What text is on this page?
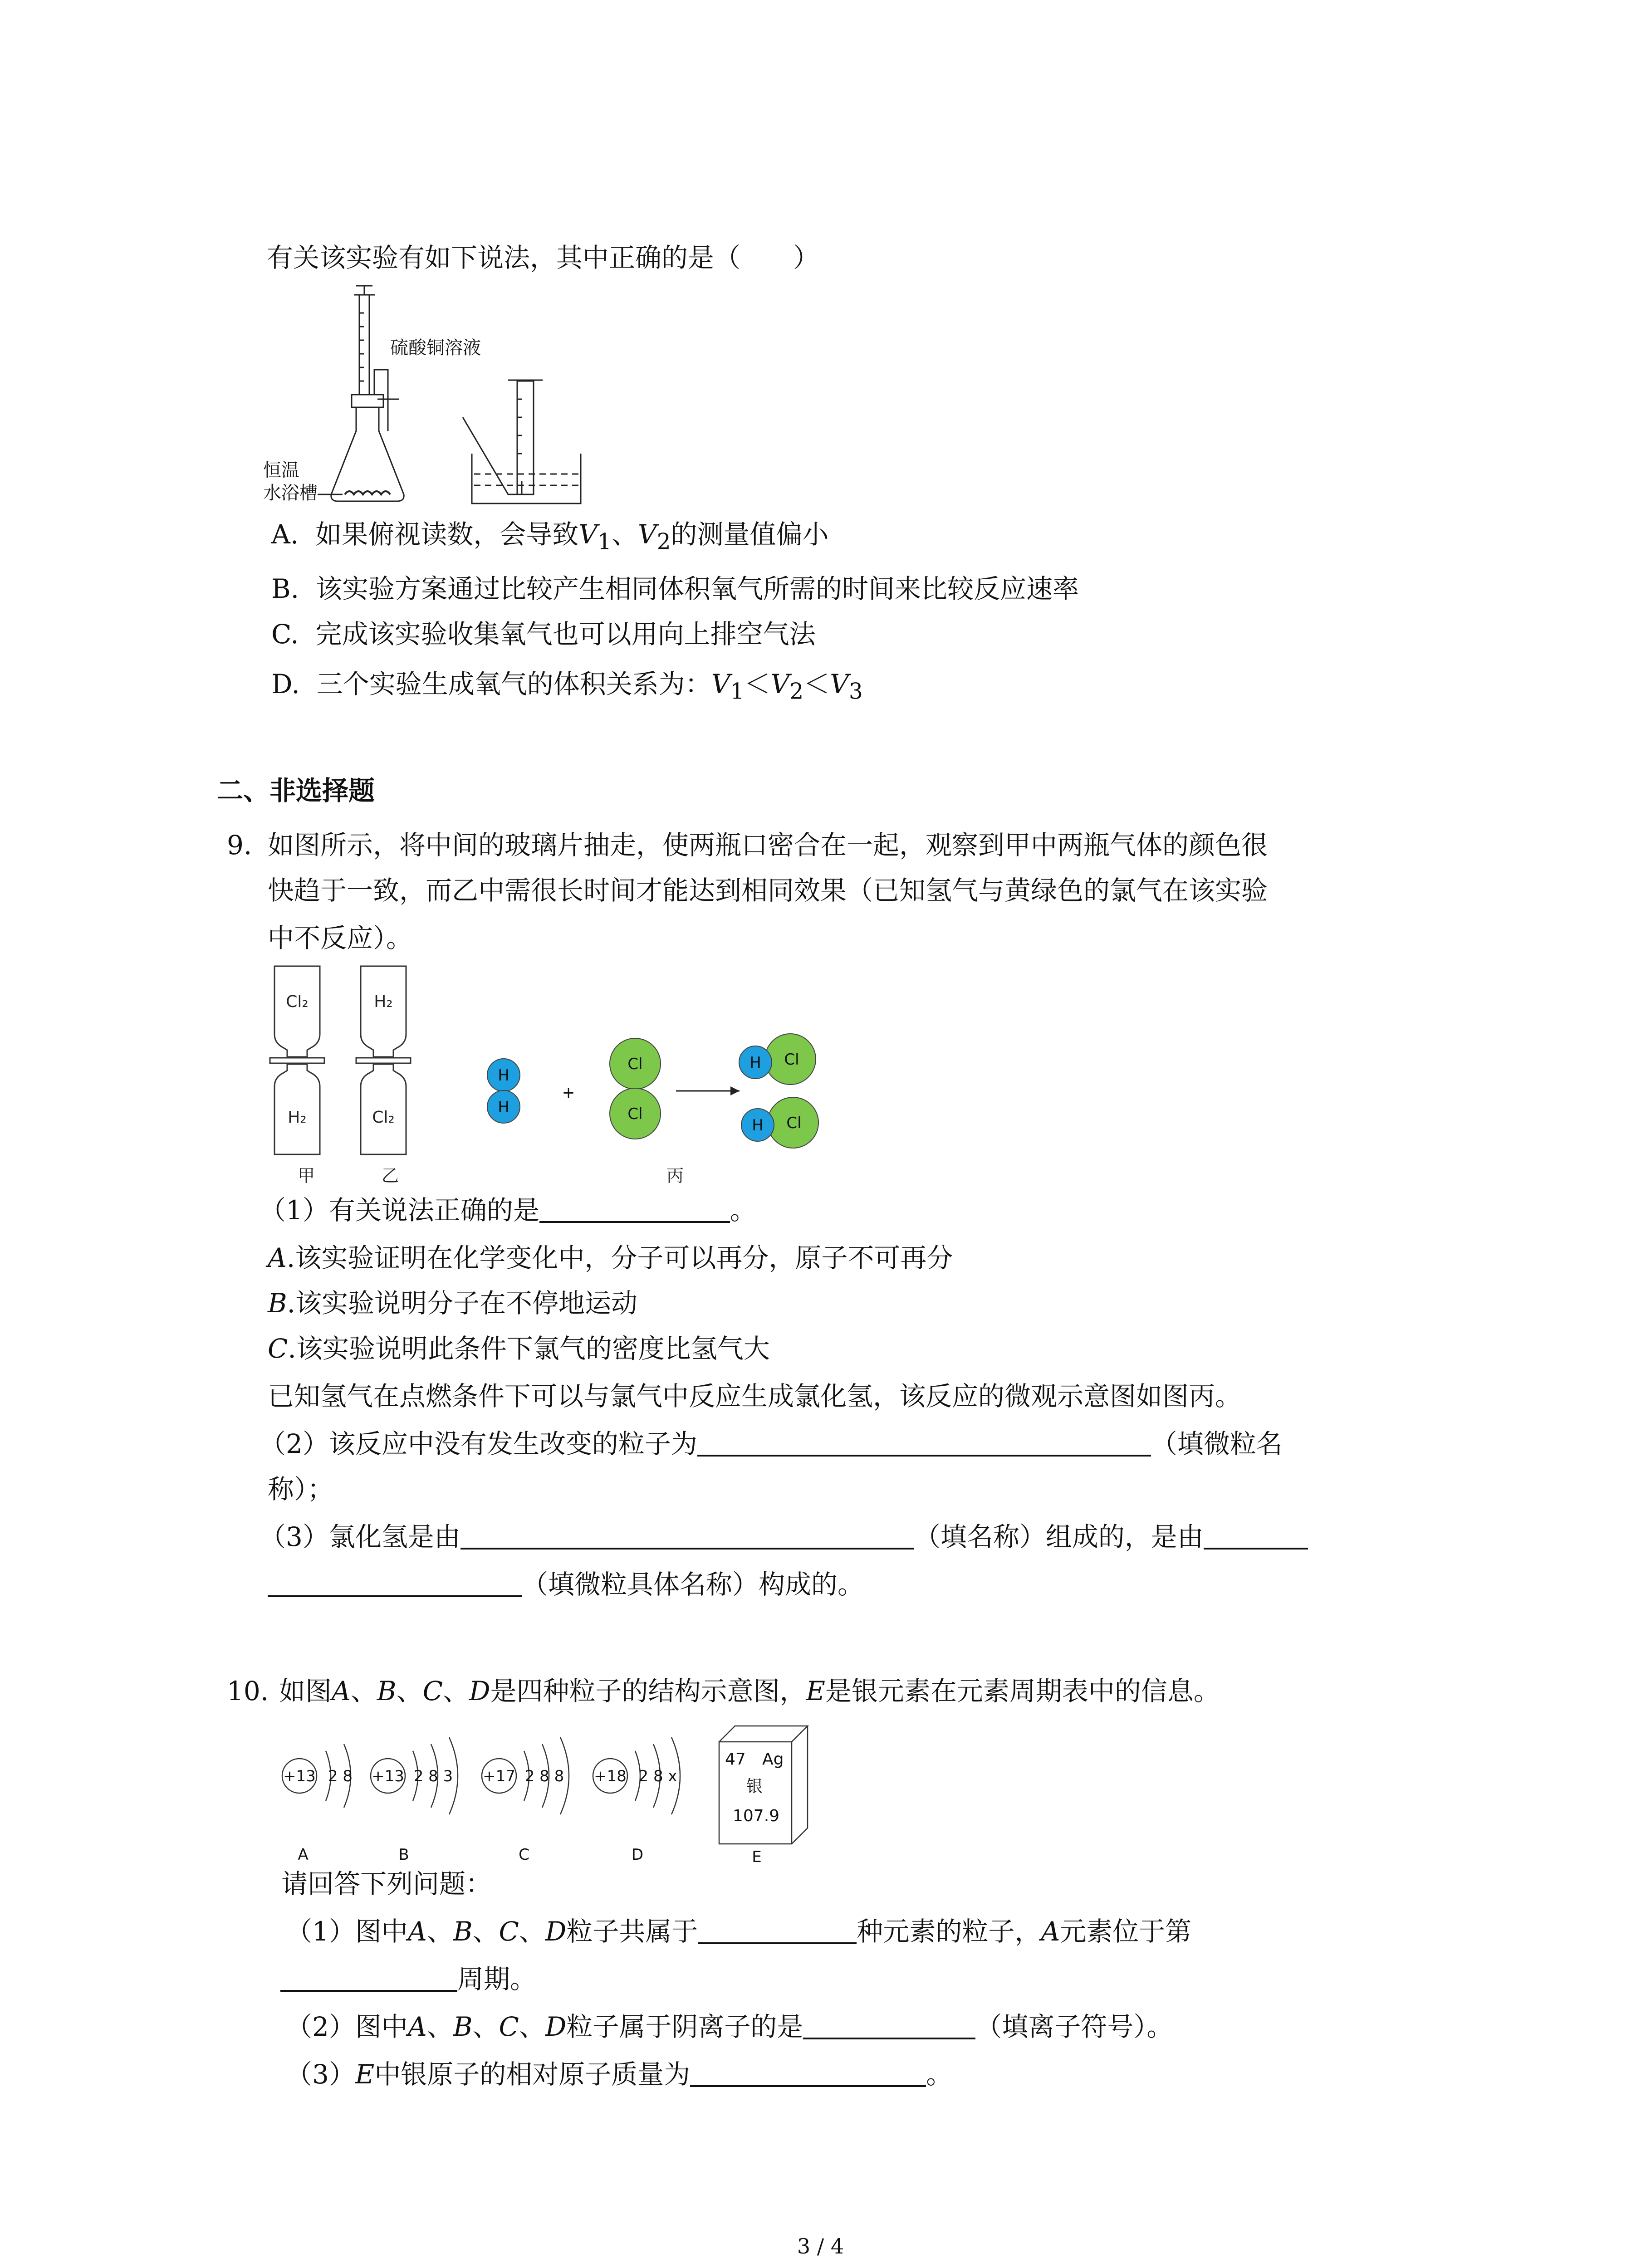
有关该实验有如下说法，其中正确的是（　　）
硫酸铜溶液
恒温
水浴槽
A. 如果俯视读数，会导致$V_1$、$V_2$的测量值偏小
B. 该实验方案通过比较产生相同体积氧气所需的时间来比较反应速率
C. 完成该实验收集氧气也可以用向上排空气法
D. 三个实验生成氧气的体积关系为：$V_1<V_2<V_3$
二、非选择题
9. 如图所示，将中间的玻璃片抽走，使两瓶口密合在一起，观察到甲中两瓶气体的颜色很
快趋于一致，而乙中需很长时间才能达到相同效果（已知氢气与黄绿色的氯气在该实验
中不反应）。
Cl₂
H₂
H₂
Cl₂
甲	乙
H
H
+
Cl
Cl
H Cl
H Cl
丙
（1）有关说法正确的是	。
A.该实验证明在化学变化中，分子可以再分，原子不可再分
B.该实验说明分子在不停地运动
C.该实验说明此条件下氯气的密度比氢气大
已知氢气在点燃条件下可以与氯气中反应生成氯化氢，该反应的微观示意图如图丙。
（2）该反应中没有发生改变的粒子为	（填微粒名
称）；
（3）氯化氢是由	（填名称）组成的，是由
（填微粒具体名称）构成的。
10. 如图A、B、C、D是四种粒子的结构示意图，E是银元素在元素周期表中的信息。
+13 2 8 +13 2 8 3 +17 2 8 8 +18 2 8 x
A	B	C	D	E
47 Ag
银
107.9
请回答下列问题：
（1）图中A、B、C、D粒子共属于	种元素的粒子，A元素位于第
周期。
（2）图中A、B、C、D粒子属于阴离子的是	（填离子符号）。
（3）E中银原子的相对原子质量为	。
3 / 4
